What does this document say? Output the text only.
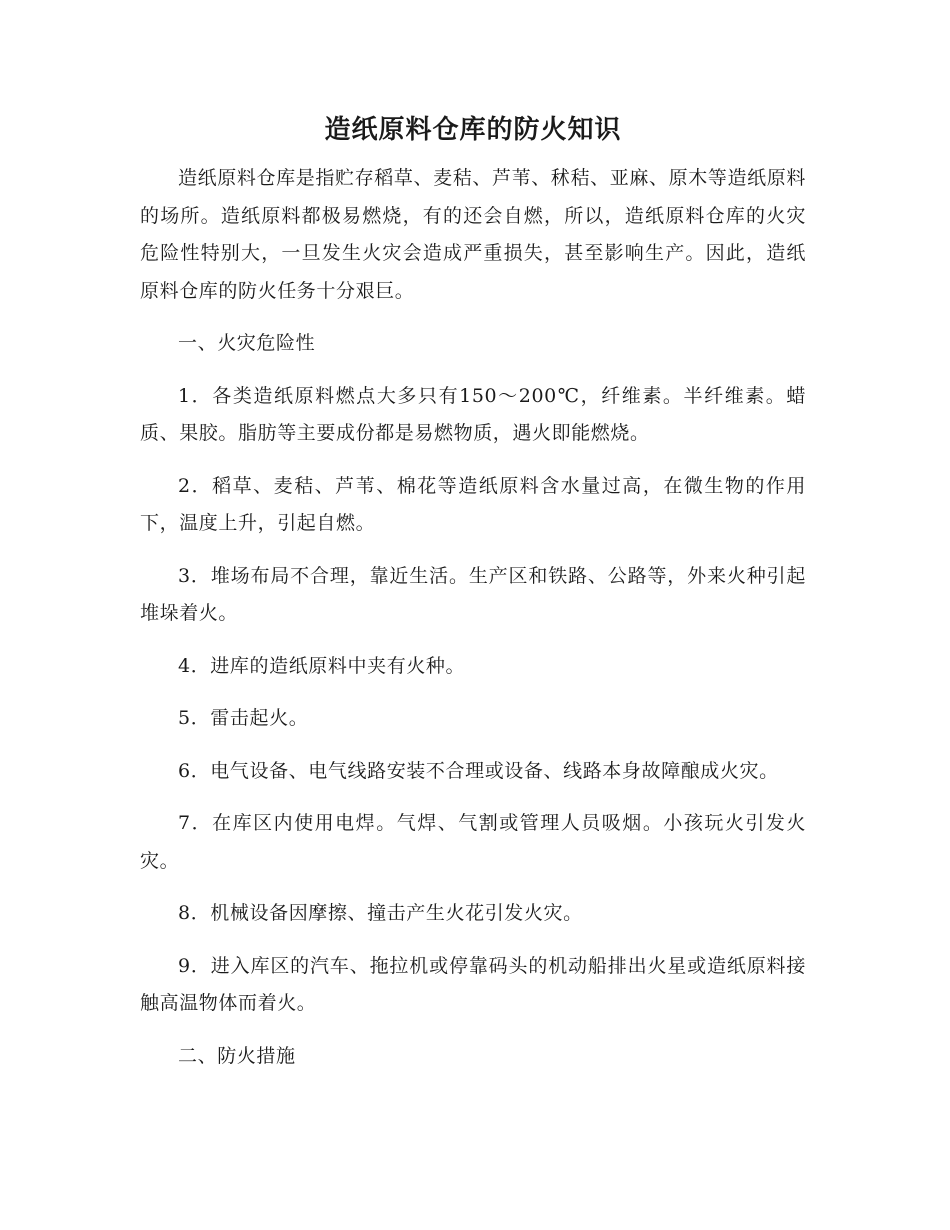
造纸原料仓库的防火知识

造纸原料仓库是指贮存稻草、麦秸、芦苇、秫秸、亚麻、原木等造纸原料的场所。造纸原料都极易燃烧，有的还会自燃，所以，造纸原料仓库的火灾危险性特别大，一旦发生火灾会造成严重损失，甚至影响生产。因此，造纸原料仓库的防火任务十分艰巨。

一、火灾危险性

1．各类造纸原料燃点大多只有150～200℃，纤维素。半纤维素。蜡质、果胶。脂肪等主要成份都是易燃物质，遇火即能燃烧。

2．稻草、麦秸、芦苇、棉花等造纸原料含水量过高，在微生物的作用下，温度上升，引起自燃。

3．堆场布局不合理，靠近生活。生产区和铁路、公路等，外来火种引起堆垛着火。

4．进库的造纸原料中夹有火种。

5．雷击起火。

6．电气设备、电气线路安装不合理或设备、线路本身故障酿成火灾。

7．在库区内使用电焊。气焊、气割或管理人员吸烟。小孩玩火引发火灾。

8．机械设备因摩擦、撞击产生火花引发火灾。

9．进入库区的汽车、拖拉机或停靠码头的机动船排出火星或造纸原料接触高温物体而着火。

二、防火措施
